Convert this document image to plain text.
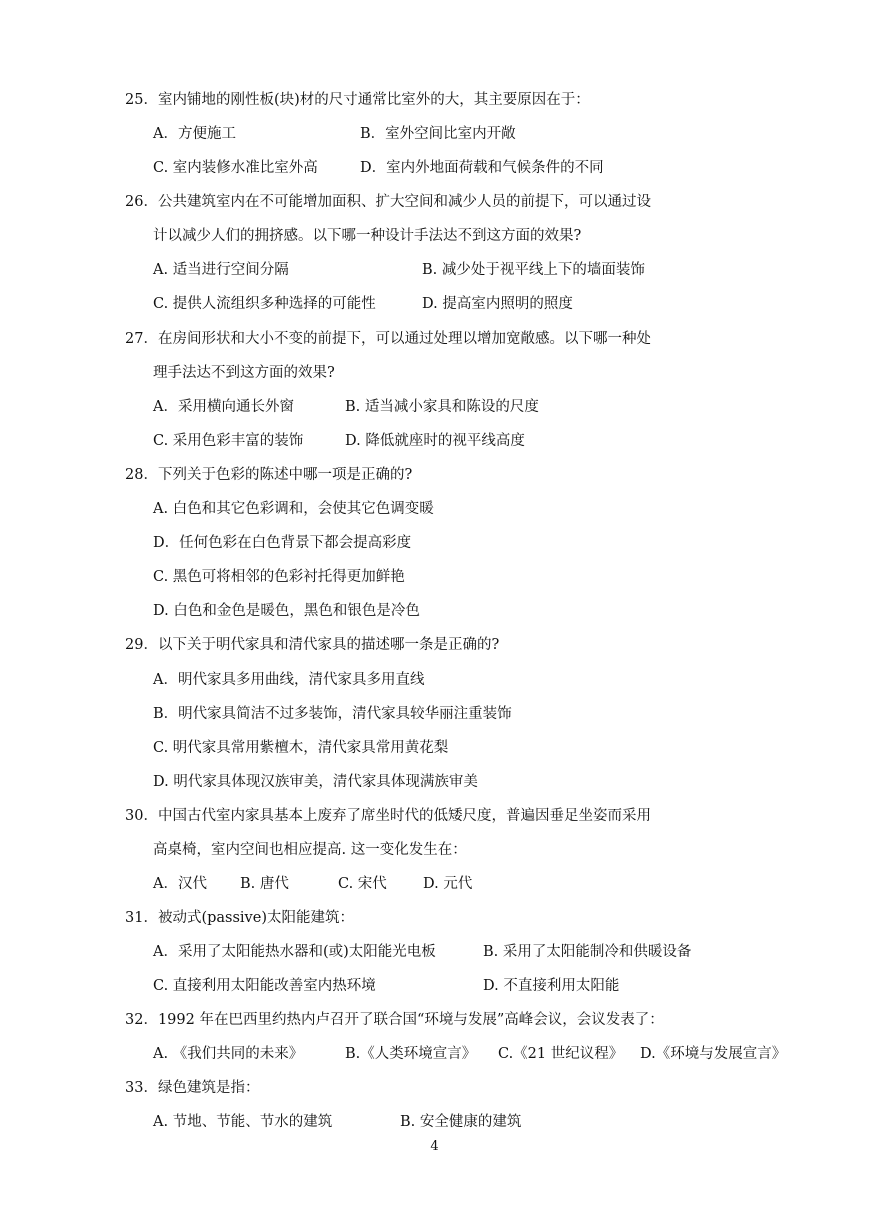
25．室内铺地的刚性板(块)材的尺寸通常比室外的大，其主要原因在于：
A．方便施工	B．室外空间比室内开敞
C. 室内装修水准比室外高	D．室内外地面荷载和气候条件的不同
26．公共建筑室内在不可能增加面积、扩大空间和减少人员的前提下，可以通过设
计以减少人们的拥挤感。以下哪一种设计手法达不到这方面的效果?
A. 适当进行空间分隔	B. 减少处于视平线上下的墙面装饰
C. 提供人流组织多种选择的可能性	D. 提高室内照明的照度
27．在房间形状和大小不变的前提下，可以通过处理以增加宽敞感。以下哪一种处
理手法达不到这方面的效果?
A．采用横向通长外窗	B. 适当减小家具和陈设的尺度
C. 采用色彩丰富的装饰	D. 降低就座时的视平线高度
28．下列关于色彩的陈述中哪一项是正确的?
A. 白色和其它色彩调和，会使其它色调变暖
D．任何色彩在白色背景下都会提高彩度
C. 黑色可将相邻的色彩衬托得更加鲜艳
D. 白色和金色是暖色，黑色和银色是冷色
29．以下关于明代家具和清代家具的描述哪一条是正确的?
A．明代家具多用曲线，清代家具多用直线
B．明代家具简洁不过多装饰，清代家具较华丽注重装饰
C. 明代家具常用紫檀木，清代家具常用黄花梨
D. 明代家具体现汉族审美，清代家具体现满族审美
30．中国古代室内家具基本上废弃了席坐时代的低矮尺度，普遍因垂足坐姿而采用
高桌椅，室内空间也相应提高. 这一变化发生在：
A．汉代 B. 唐代	C. 宋代 D. 元代
31．被动式(passive)太阳能建筑：
A．采用了太阳能热水器和(或)太阳能光电板	B. 采用了太阳能制冷和供暖设备
C. 直接利用太阳能改善室内热环境	D. 不直接利用太阳能
32．1992 年在巴西里约热内卢召开了联合国“环境与发展”高峰会议，会议发表了：
A. 《我们共同的未来》	B.《人类环境宣言》 C.《21 世纪议程》 D.《环境与发展宣言》
33．绿色建筑是指：
A. 节地、节能、节水的建筑	B. 安全健康的建筑
4
